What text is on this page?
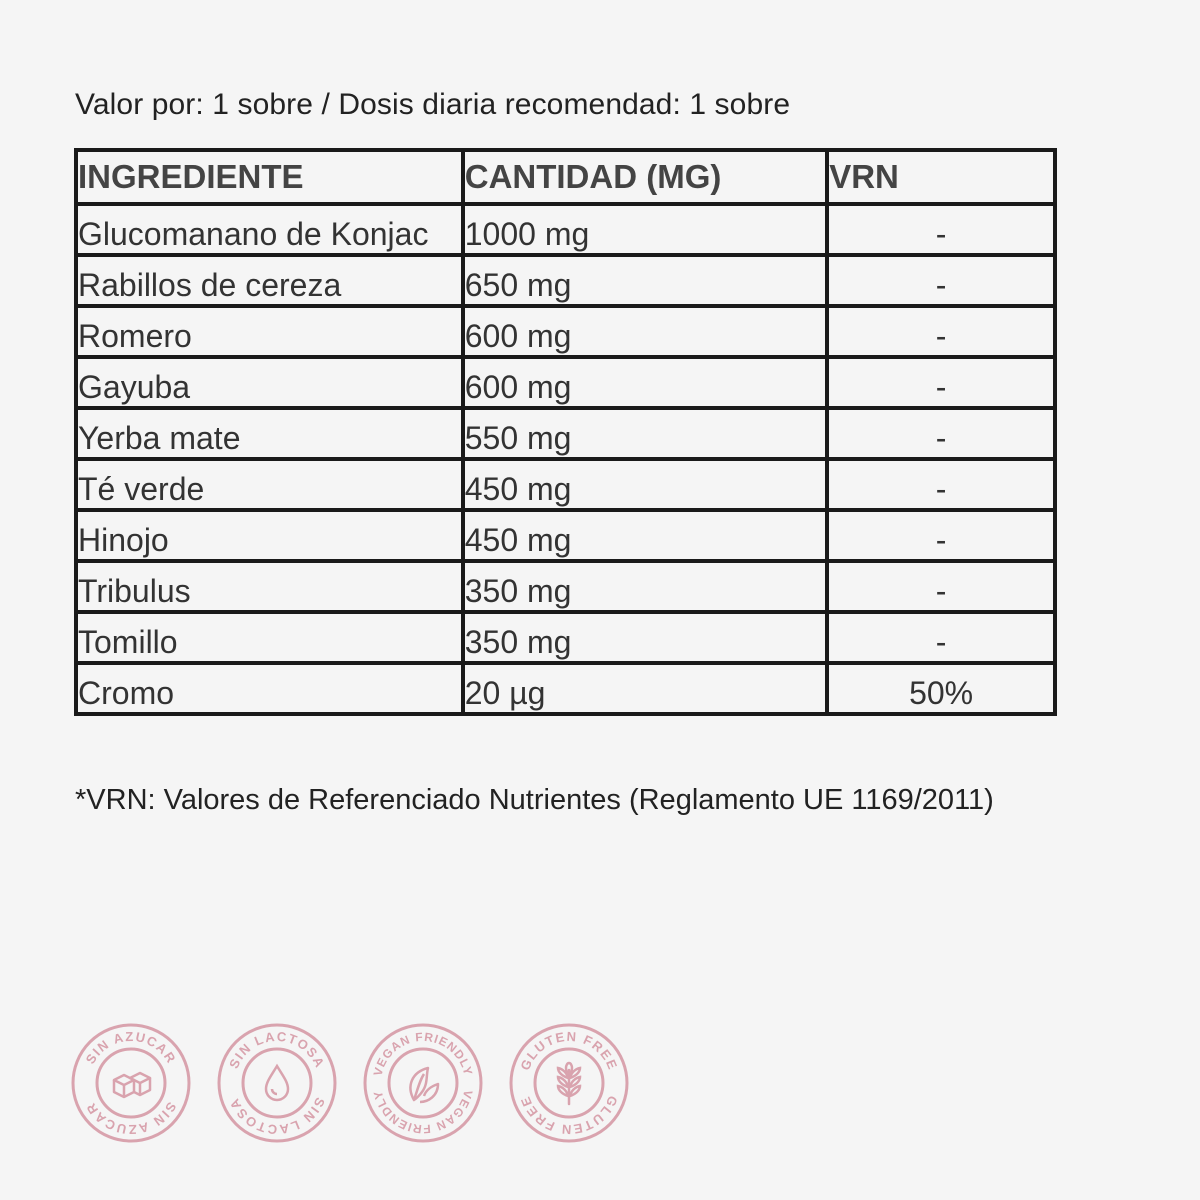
Valor por: 1 sobre / Dosis diaria recomendad: 1 sobre
INGREDIENTE	CANTIDAD (MG)	VRN
Glucomanano de Konjac	1000 mg	-
Rabillos de cereza	650 mg	-
Romero	600 mg	-
Gayuba	600 mg	-
Yerba mate	550 mg	-
Té verde	450 mg	-
Hinojo	450 mg	-
Tribulus	350 mg	-
Tomillo	350 mg	-
Cromo	20 µg	50%
*VRN: Valores de Referenciado Nutrientes (Reglamento UE 1169/2011)
SIN AZUCAR
SIN AZUCAR
SIN LACTOSA
SIN LACTOSA
VEGAN FRIENDLY
VEGAN FRIENDLY
GLUTEN FREE
GLUTEN FREE
